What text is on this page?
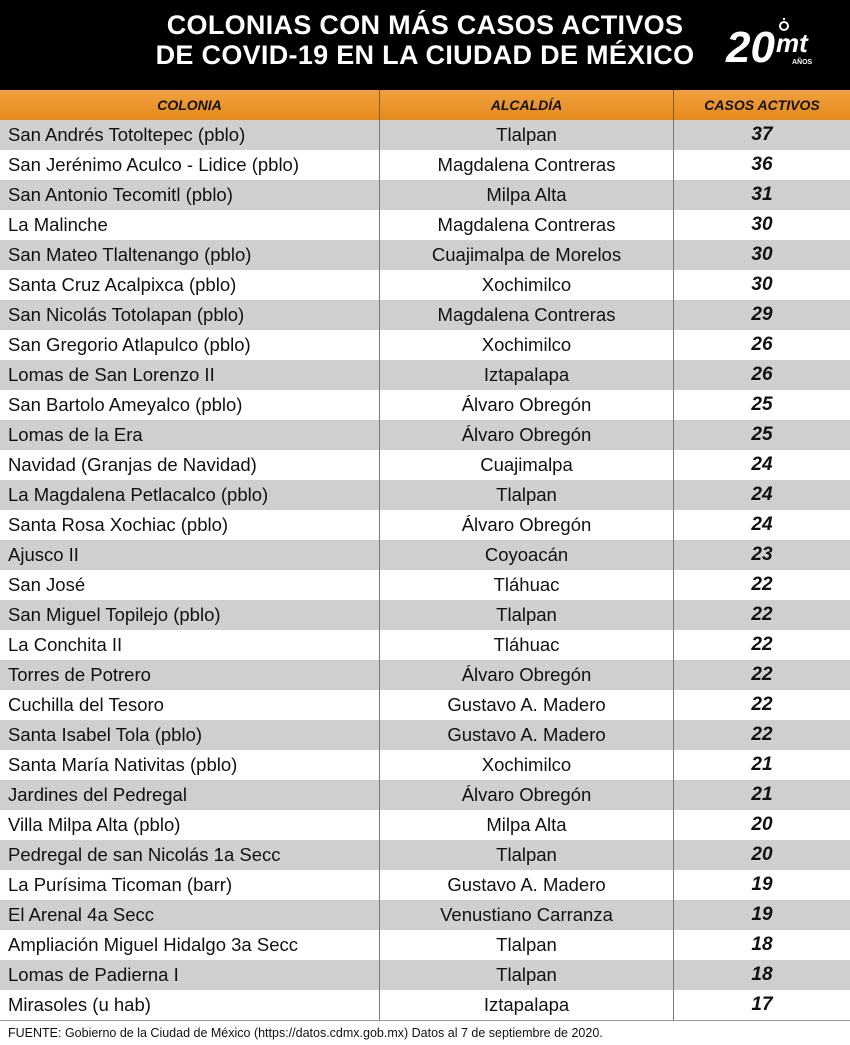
COLONIAS CON MÁS CASOS ACTIVOS
DE COVID-19 EN LA CIUDAD DE MÉXICO 20 mt
AÑOS
COLONIA	ALCALDÍA	CASOS ACTIVOS
San Andrés Totoltepec (pblo)	Tlalpan	37
San Jerénimo Aculco - Lidice (pblo)	Magdalena Contreras	36
San Antonio Tecomitl (pblo)	Milpa Alta	31
La Malinche	Magdalena Contreras	30
San Mateo Tlaltenango (pblo)	Cuajimalpa de Morelos	30
Santa Cruz Acalpixca (pblo)	Xochimilco	30
San Nicolás Totolapan (pblo)	Magdalena Contreras	29
San Gregorio Atlapulco (pblo)	Xochimilco	26
Lomas de San Lorenzo II	Iztapalapa	26
San Bartolo Ameyalco (pblo)	Álvaro Obregón	25
Lomas de la Era	Álvaro Obregón	25
Navidad (Granjas de Navidad)	Cuajimalpa	24
La Magdalena Petlacalco (pblo)	Tlalpan	24
Santa Rosa Xochiac (pblo)	Álvaro Obregón	24
Ajusco II	Coyoacán	23
San José	Tláhuac	22
San Miguel Topilejo (pblo)	Tlalpan	22
La Conchita II	Tláhuac	22
Torres de Potrero	Álvaro Obregón	22
Cuchilla del Tesoro	Gustavo A. Madero	22
Santa Isabel Tola (pblo)	Gustavo A. Madero	22
Santa María Nativitas (pblo)	Xochimilco	21
Jardines del Pedregal	Álvaro Obregón	21
Villa Milpa Alta (pblo)	Milpa Alta	20
Pedregal de san Nicolás 1a Secc	Tlalpan	20
La Purísima Ticoman (barr)	Gustavo A. Madero	19
El Arenal 4a Secc	Venustiano Carranza	19
Ampliación Miguel Hidalgo 3a Secc	Tlalpan	18
Lomas de Padierna I	Tlalpan	18
Mirasoles (u hab)	Iztapalapa	17
FUENTE: Gobierno de la Ciudad de México (https://datos.cdmx.gob.mx) Datos al 7 de septiembre de 2020.
